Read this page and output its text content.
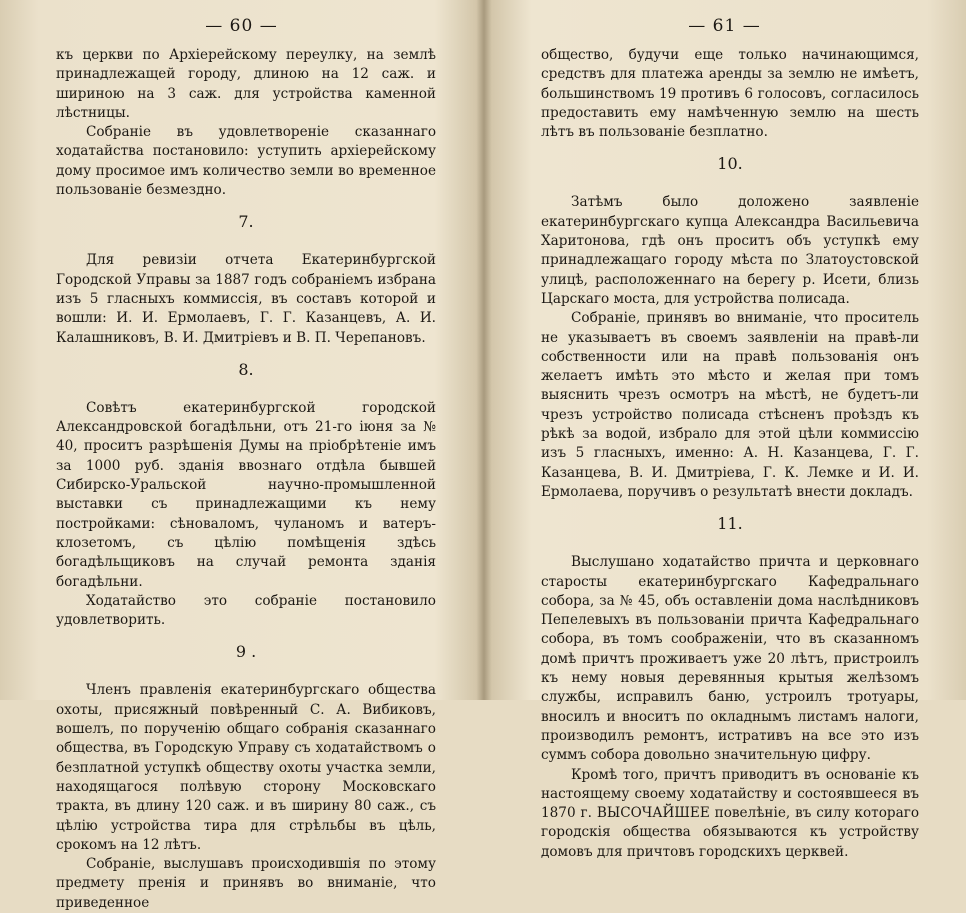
— 60 —

къ церкви по Архіерейскому переулку, на землѣ принадлежащей городу, длиною на 12 саж. и шириною на 3 саж. для устройства каменной лѣстницы.

Собраніе въ удовлетвореніе сказаннаго ходатайства постановило: уступить архіерейскому дому просимое имъ количество земли во временное пользованіе безмездно.

7.

Для ревизіи отчета Екатеринбургской Городской Управы за 1887 годъ собраніемъ избрана изъ 5 гласныхъ коммиссія, въ составъ которой и вошли: И. И. Ермолаевъ, Г. Г. Казанцевъ, А. И. Калашниковъ, В. И. Дмитріевъ и В. П. Черепановъ.

8.

Совѣтъ екатеринбургской городской Александровской богадѣльни, отъ 21-го іюня за № 40, проситъ разрѣшенія Думы на пріобрѣтеніе имъ за 1000 руб. зданія ввознаго отдѣла бывшей Сибирско-Уральской научно-промышленной выставки съ принадлежащими къ нему постройками: сѣноваломъ, чуланомъ и ватеръ-клозетомъ, съ цѣлію помѣщенія здѣсь богадѣльщиковъ на случай ремонта зданія богадѣльни.

Ходатайство это собраніе постановило удовлетворить.

9 .

Членъ правленія екатеринбургскаго общества охоты, присяжный повѣренный С. А. Вибиковъ, вошелъ, по порученію общаго собранія сказаннаго общества, въ Городскую Управу съ ходатайствомъ о безплатной уступкѣ обществу охоты участка земли, находящагося полѣвую сторону Московскаго тракта, въ длину 120 саж. и въ ширину 80 саж., съ цѣлію устройства тира для стрѣльбы въ цѣль, срокомъ на 12 лѣтъ.

Собраніе, выслушавъ происходившія по этому предмету пренія и принявъ во вниманіе, что приведенное

— 61 —

общество, будучи еще только начинающимся, средствъ для платежа аренды за землю не имѣетъ, большинствомъ 19 противъ 6 голосовъ, согласилось предоставить ему намѣченную землю на шесть лѣтъ въ пользованіе безплатно.

10.

Затѣмъ было доложено заявленіе екатеринбургскаго купца Александра Васильевича Харитонова, гдѣ онъ проситъ объ уступкѣ ему принадлежащаго городу мѣста по Златоустовской улицѣ, расположеннаго на берегу р. Исети, близь Царскаго моста, для устройства полисада.

Собраніе, принявъ во вниманіе, что проситель не указываетъ въ своемъ заявленіи на правѣ-ли собственности или на правѣ пользованія онъ желаетъ имѣть это мѣсто и желая при томъ выяснить чрезъ осмотръ на мѣстѣ, не будетъ-ли чрезъ устройство полисада стѣсненъ проѣздъ къ рѣкѣ за водой, избрало для этой цѣли коммиссію изъ 5 гласныхъ, именно: А. Н. Казанцева, Г. Г. Казанцева, В. И. Дмитріева, Г. К. Лемке и И. И. Ермолаева, поручивъ о результатѣ внести докладъ.

11.

Выслушано ходатайство причта и церковнаго старосты екатеринбургскаго Кафедральнаго собора, за № 45, объ оставленіи дома наслѣдниковъ Пепелевыхъ въ пользованіи причта Кафедральнаго собора, въ томъ соображеніи, что въ сказанномъ домѣ причтъ проживаетъ уже 20 лѣтъ, пристроилъ къ нему новыя деревянныя крытыя желѣзомъ службы, исправилъ баню, устроилъ тротуары, вносилъ и вноситъ по окладнымъ листамъ налоги, производилъ ремонтъ, истративъ на все это изъ суммъ собора довольно значительную цифру.

Кромѣ того, причтъ приводитъ въ основаніе къ настоящему своему ходатайству и состоявшееся въ 1870 г. ВЫСОЧАЙШЕЕ повелѣніе, въ силу котораго городскія общества обязываются къ устройству домовъ для причтовъ городскихъ церквей.
